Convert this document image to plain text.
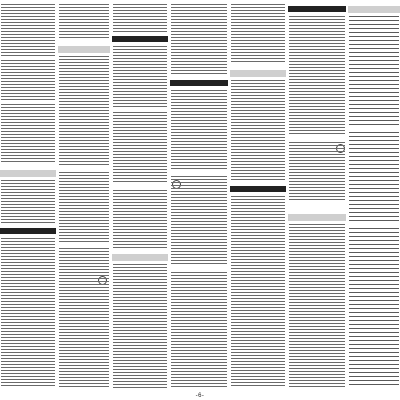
-6-
